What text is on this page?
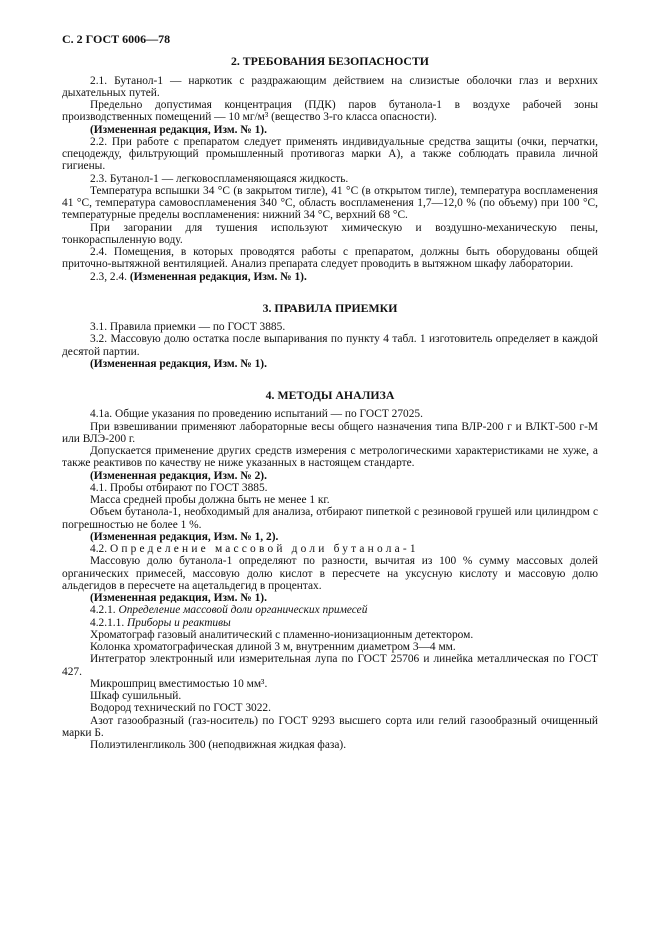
С. 2 ГОСТ 6006—78
2. ТРЕБОВАНИЯ БЕЗОПАСНОСТИ

2.1. Бутанол-1 — наркотик с раздражающим действием на слизистые оболочки глаз и верхних дыхательных путей.

Предельно допустимая концентрация (ПДК) паров бутанола-1 в воздухе рабочей зоны производственных помещений — 10 мг/м³ (вещество 3-го класса опасности).

(Измененная редакция, Изм. № 1).

2.2. При работе с препаратом следует применять индивидуальные средства защиты (очки, перчатки, спецодежду, фильтрующий промышленный противогаз марки А), а также соблюдать правила личной гигиены.

2.3. Бутанол-1 — легковоспламеняющаяся жидкость.

Температура вспышки 34 °С (в закрытом тигле), 41 °С (в открытом тигле), температура воспламенения 41 °С, температура самовоспламенения 340 °С, область воспламенения 1,7—12,0 % (по объему) при 100 °С, температурные пределы воспламенения: нижний 34 °С, верхний 68 °С.

При загорании для тушения используют химическую и воздушно-механическую пены, тонкораспыленную воду.

2.4. Помещения, в которых проводятся работы с препаратом, должны быть оборудованы общей приточно-вытяжной вентиляцией. Анализ препарата следует проводить в вытяжном шкафу лаборатории.

2.3, 2.4. (Измененная редакция, Изм. № 1).

3. ПРАВИЛА ПРИЕМКИ

3.1. Правила приемки — по ГОСТ 3885.

3.2. Массовую долю остатка после выпаривания по пункту 4 табл. 1 изготовитель определяет в каждой десятой партии.

(Измененная редакция, Изм. № 1).

4. МЕТОДЫ АНАЛИЗА

4.1а. Общие указания по проведению испытаний — по ГОСТ 27025.

При взвешивании применяют лабораторные весы общего назначения типа ВЛР-200 г и ВЛКТ-500 г-М или ВЛЭ-200 г.

Допускается применение других средств измерения с метрологическими характеристиками не хуже, а также реактивов по качеству не ниже указанных в настоящем стандарте.

(Измененная редакция, Изм. № 2).

4.1. Пробы отбирают по ГОСТ 3885.

Масса средней пробы должна быть не менее 1 кг.

Объем бутанола-1, необходимый для анализа, отбирают пипеткой с резиновой грушей или цилиндром с погрешностью не более 1 %.

(Измененная редакция, Изм. № 1, 2).

4.2. Определение массовой доли бутанола-1

Массовую долю бутанола-1 определяют по разности, вычитая из 100 % сумму массовых долей органических примесей, массовую долю кислот в пересчете на уксусную кислоту и массовую долю альдегидов в пересчете на ацетальдегид в процентах.

(Измененная редакция, Изм. № 1).

4.2.1. Определение массовой доли органических примесей

4.2.1.1. Приборы и реактивы

Хроматограф газовый аналитический с пламенно-ионизационным детектором.

Колонка хроматографическая длиной 3 м, внутренним диаметром 3—4 мм.

Интегратор электронный или измерительная лупа по ГОСТ 25706 и линейка металлическая по ГОСТ 427.

Микрошприц вместимостью 10 мм³.

Шкаф сушильный.

Водород технический по ГОСТ 3022.

Азот газообразный (газ-носитель) по ГОСТ 9293 высшего сорта или гелий газообразный очищенный марки Б.

Полиэтиленгликоль 300 (неподвижная жидкая фаза).
